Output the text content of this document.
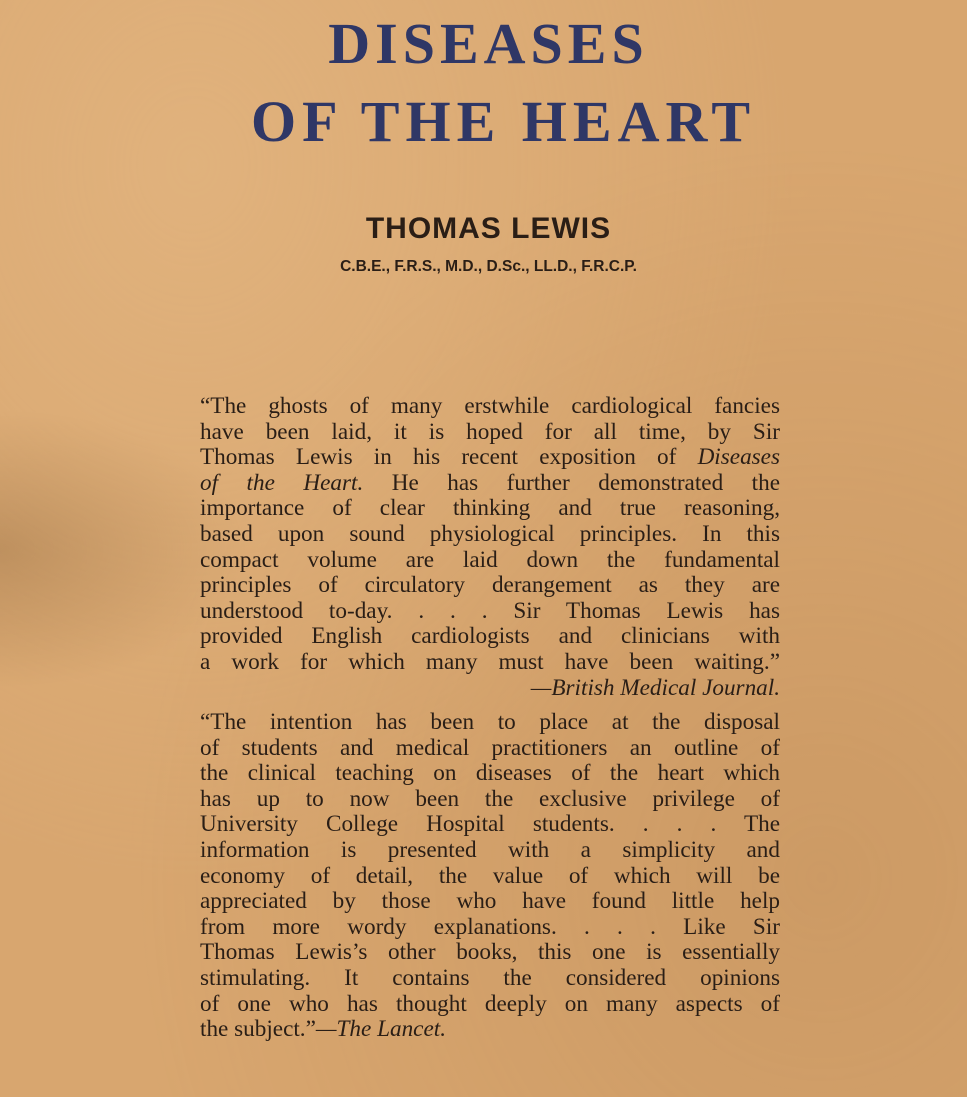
DISEASES
OF THE HEART
THOMAS LEWIS
C.B.E., F.R.S., M.D., D.Sc., LL.D., F.R.C.P.
“The ghosts of many erstwhile cardiological fancies
have been laid, it is hoped for all time, by Sir
Thomas Lewis in his recent exposition of Diseases
of the Heart. He has further demonstrated the
importance of clear thinking and true reasoning,
based upon sound physiological principles. In this
compact volume are laid down the fundamental
principles of circulatory derangement as they are
understood to-day. . . . Sir Thomas Lewis has
provided English cardiologists and clinicians with
a work for which many must have been waiting.”
—British Medical Journal.
“The intention has been to place at the disposal
of students and medical practitioners an outline of
the clinical teaching on diseases of the heart which
has up to now been the exclusive privilege of
University College Hospital students. . . . The
information is presented with a simplicity and
economy of detail, the value of which will be
appreciated by those who have found little help
from more wordy explanations. . . . Like Sir
Thomas Lewis’s other books, this one is essentially
stimulating. It contains the considered opinions
of one who has thought deeply on many aspects of
the subject.”—The Lancet.
